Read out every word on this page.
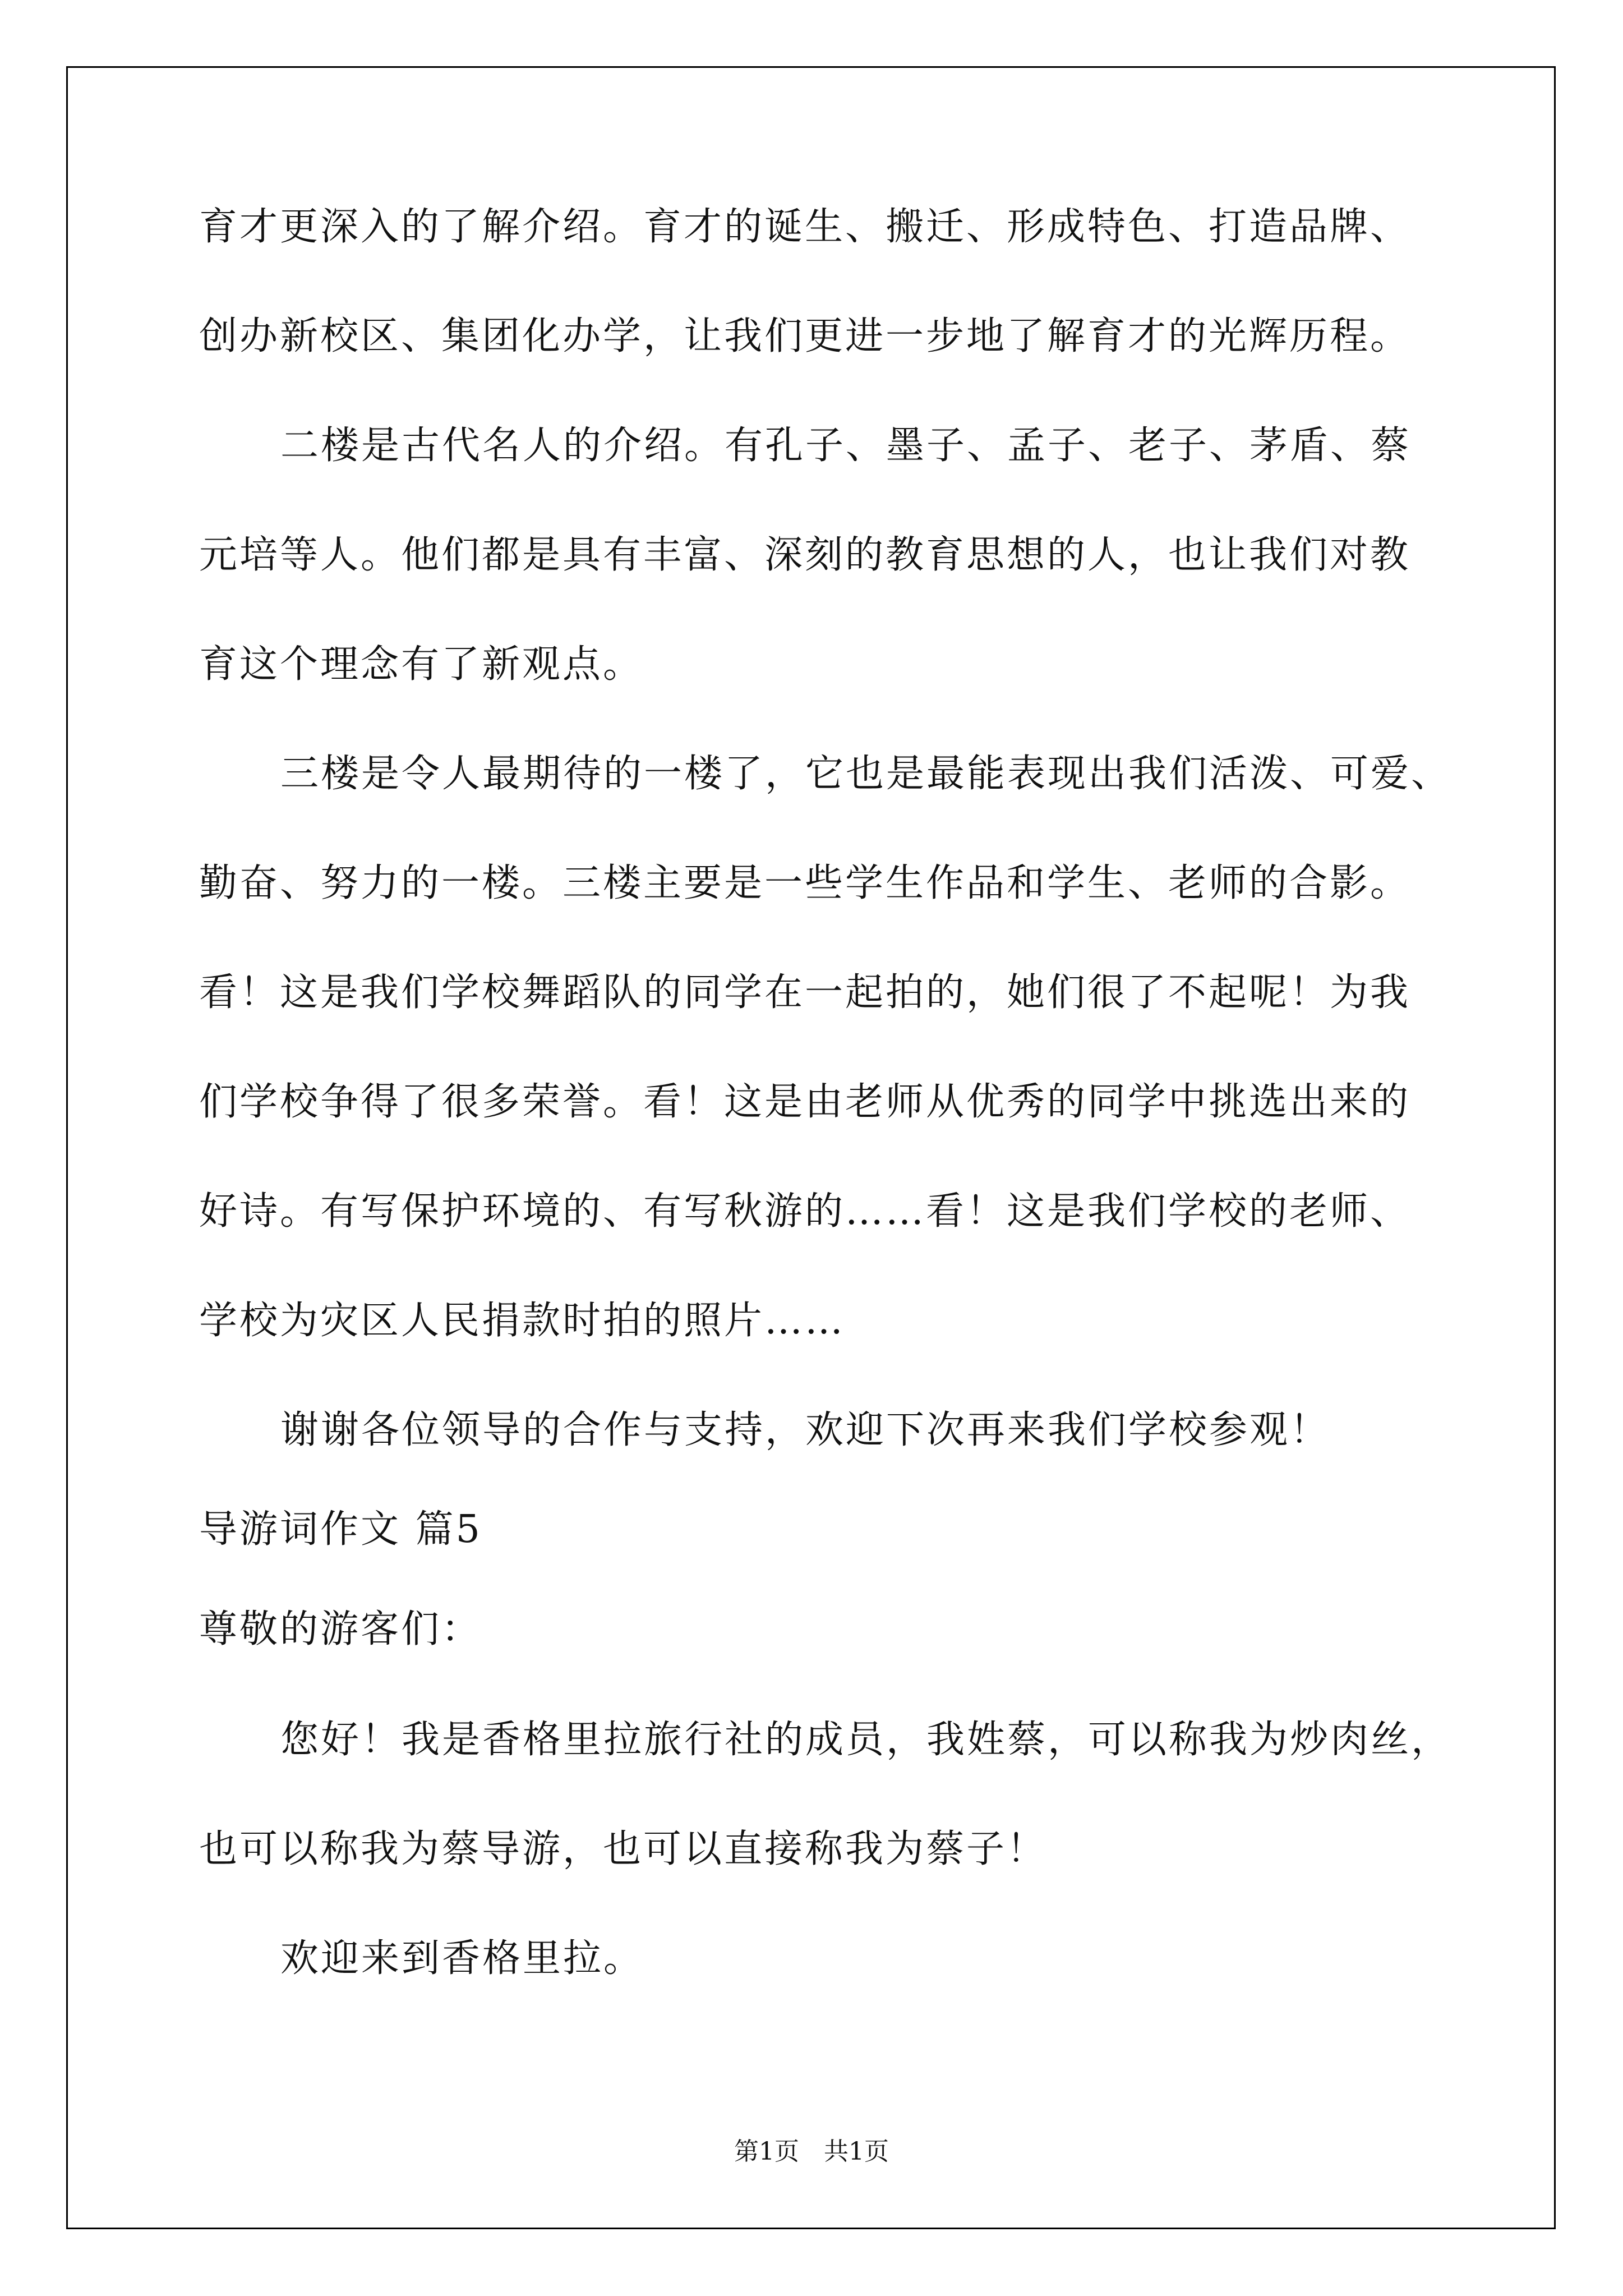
育才更深入的了解介绍。育才的诞生、搬迁、形成特色、打造品牌、
创办新校区、集团化办学，让我们更进一步地了解育才的光辉历程。
二楼是古代名人的介绍。有孔子、墨子、孟子、老子、茅盾、蔡
元培等人。他们都是具有丰富、深刻的教育思想的人，也让我们对教
育这个理念有了新观点。
三楼是令人最期待的一楼了，它也是最能表现出我们活泼、可爱、
勤奋、努力的一楼。三楼主要是一些学生作品和学生、老师的合影。
看！这是我们学校舞蹈队的同学在一起拍的，她们很了不起呢！为我
们学校争得了很多荣誉。看！这是由老师从优秀的同学中挑选出来的
好诗。有写保护环境的、有写秋游的……看！这是我们学校的老师、
学校为灾区人民捐款时拍的照片……
谢谢各位领导的合作与支持，欢迎下次再来我们学校参观！
导游词作文 篇5
尊敬的游客们：
您好！我是香格里拉旅行社的成员，我姓蔡，可以称我为炒肉丝，
也可以称我为蔡导游，也可以直接称我为蔡子！
欢迎来到香格里拉。
第1页　共1页
